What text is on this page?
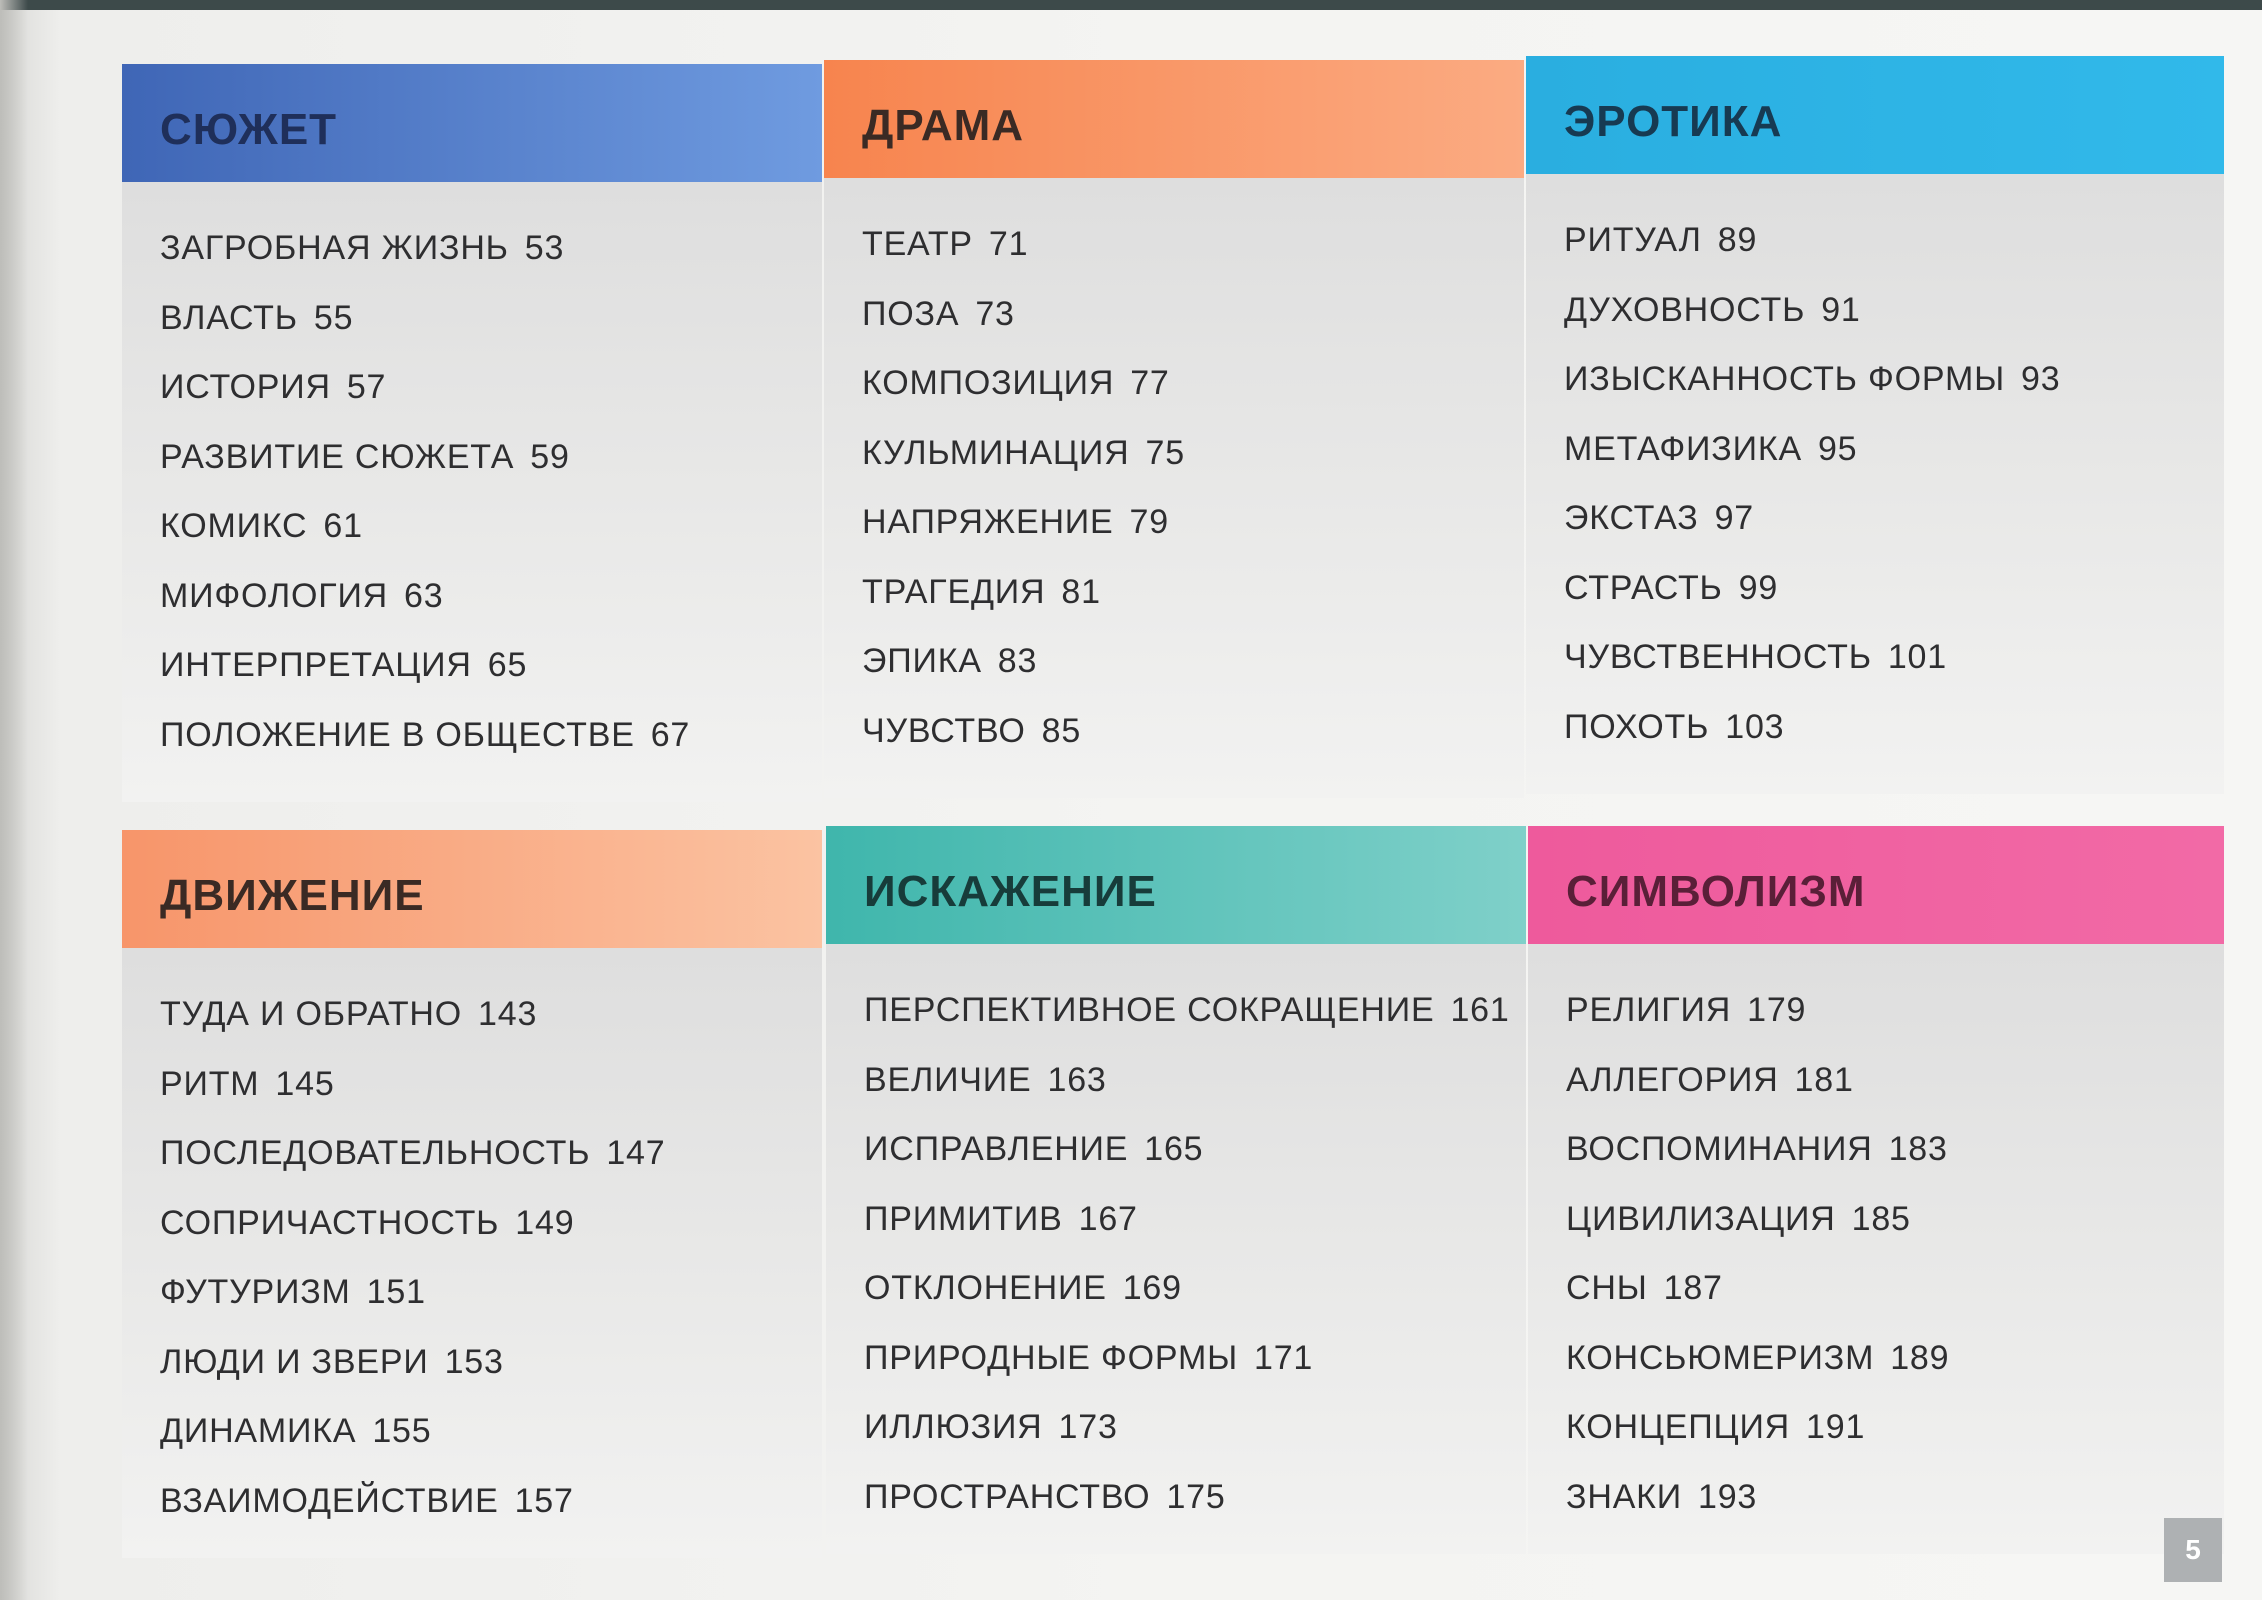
СЮЖЕТ
ЗАГРОБНАЯ ЖИЗНЬ 53
ВЛАСТЬ 55
ИСТОРИЯ 57
РАЗВИТИЕ СЮЖЕТА 59
КОМИКС 61
МИФОЛОГИЯ 63
ИНТЕРПРЕТАЦИЯ 65
ПОЛОЖЕНИЕ В ОБЩЕСТВЕ 67
ДРАМА
ТЕАТР 71
ПОЗА 73
КОМПОЗИЦИЯ 77
КУЛЬМИНАЦИЯ 75
НАПРЯЖЕНИЕ 79
ТРАГЕДИЯ 81
ЭПИКА 83
ЧУВСТВО 85
ЭРОТИКА
РИТУАЛ 89
ДУХОВНОСТЬ 91
ИЗЫСКАННОСТЬ ФОРМЫ 93
МЕТАФИЗИКА 95
ЭКСТАЗ 97
СТРАСТЬ 99
ЧУВСТВЕННОСТЬ 101
ПОХОТЬ 103
ДВИЖЕНИЕ
ТУДА И ОБРАТНО 143
РИТМ 145
ПОСЛЕДОВАТЕЛЬНОСТЬ 147
СОПРИЧАСТНОСТЬ 149
ФУТУРИЗМ 151
ЛЮДИ И ЗВЕРИ 153
ДИНАМИКА 155
ВЗАИМОДЕЙСТВИЕ 157
ИСКАЖЕНИЕ
ПЕРСПЕКТИВНОЕ СОКРАЩЕНИЕ 161
ВЕЛИЧИЕ 163
ИСПРАВЛЕНИЕ 165
ПРИМИТИВ 167
ОТКЛОНЕНИЕ 169
ПРИРОДНЫЕ ФОРМЫ 171
ИЛЛЮЗИЯ 173
ПРОСТРАНСТВО 175
СИМВОЛИЗМ
РЕЛИГИЯ 179
АЛЛЕГОРИЯ 181
ВОСПОМИНАНИЯ 183
ЦИВИЛИЗАЦИЯ 185
СНЫ 187
КОНСЬЮМЕРИЗМ 189
КОНЦЕПЦИЯ 191
ЗНАКИ 193
5
